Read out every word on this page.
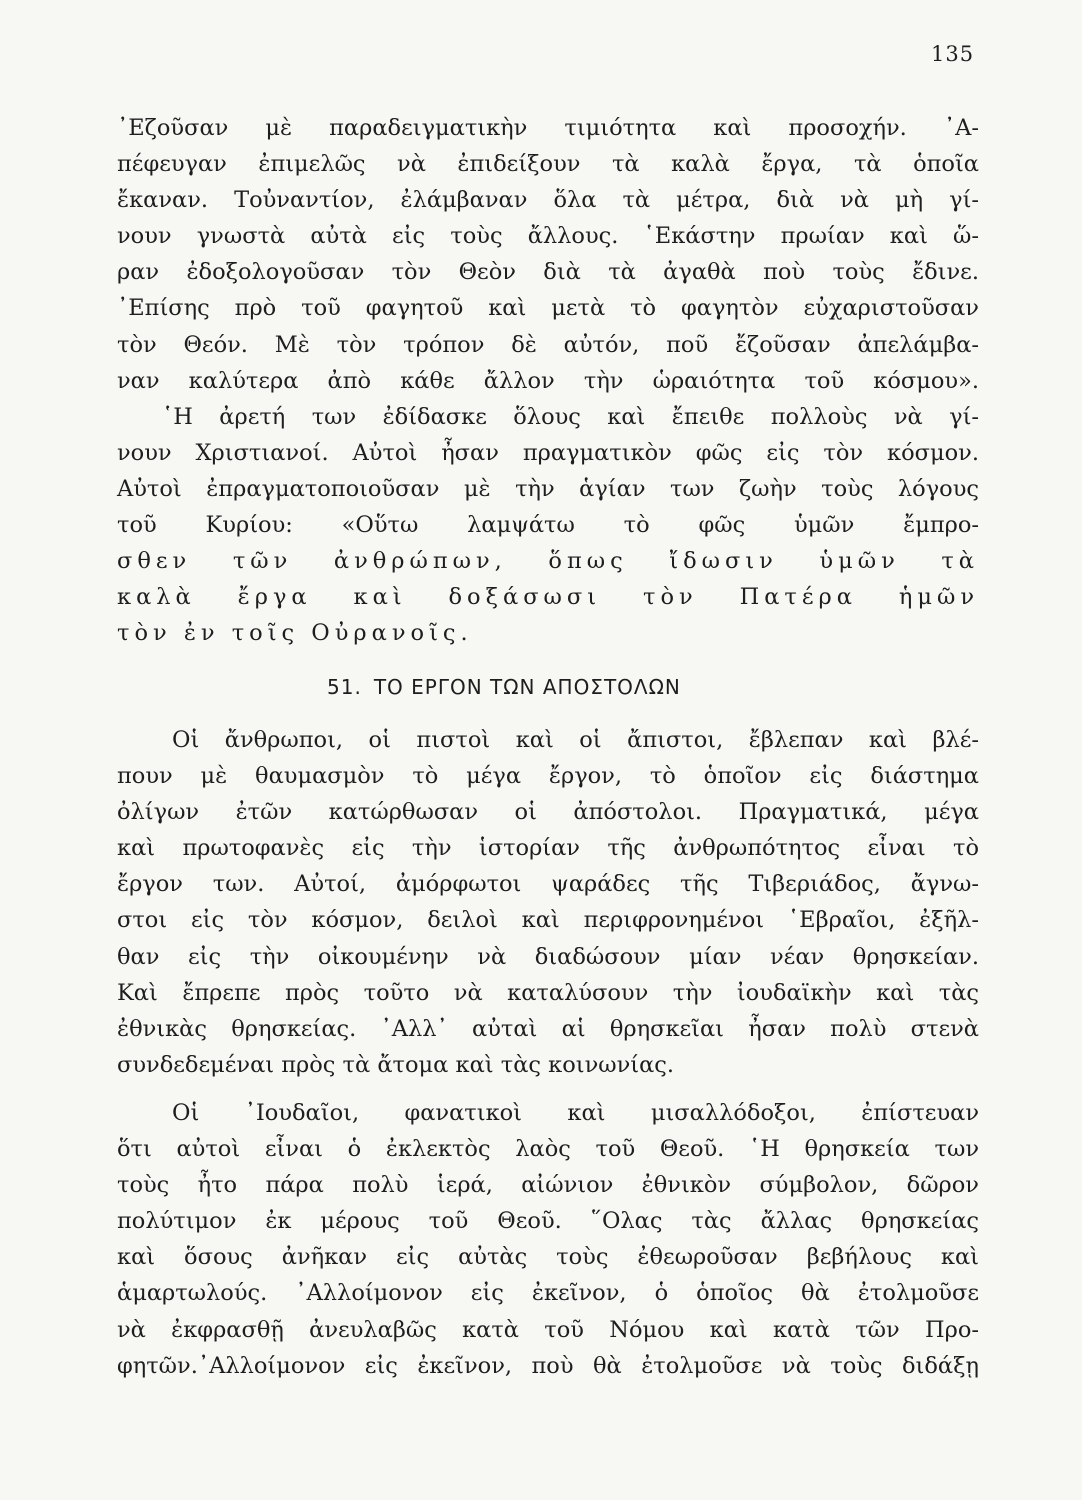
135
᾿Εζοῦσαν μὲ παραδειγματικὴν τιμιότητα καὶ προσοχήν. ᾿Α-
πέφευγαν ἐπιμελῶς νὰ ἐπιδείξουν τὰ καλὰ ἔργα, τὰ ὁποῖα
ἔκαναν. Τοὐναντίον, ἐλάμβαναν ὅλα τὰ μέτρα, διὰ νὰ μὴ γί-
νουν γνωστὰ αὐτὰ εἰς τοὺς ἄλλους. ῾Εκάστην πρωίαν καὶ ὥ-
ραν ἐδοξολογοῦσαν τὸν Θεὸν διὰ τὰ ἀγαθὰ ποὺ τοὺς ἔδινε.
᾿Επίσης πρὸ τοῦ φαγητοῦ καὶ μετὰ τὸ φαγητὸν εὐχαριστοῦσαν
τὸν Θεόν. Μὲ τὸν τρόπον δὲ αὐτόν, ποῦ ἔζοῦσαν ἀπελάμβα-
ναν καλύτερα ἀπὸ κάθε ἄλλον τὴν ὡραιότητα τοῦ κόσμου».
῾Η ἀρετή των ἐδίδασκε ὅλους καὶ ἔπειθε πολλοὺς νὰ γί-
νουν Χριστιανοί. Αὐτοὶ ἦσαν πραγματικὸν φῶς εἰς τὸν κόσμον.
Αὐτοὶ ἐπραγματοποιοῦσαν μὲ τὴν ἁγίαν των ζωὴν τοὺς λόγους
τοῦ Κυρίου: «Οὕτω λαμψάτω τὸ φῶς ὑμῶν ἔμπρο-
σθεν τῶν ἀνθρώπων, ὅπως ἴδωσιν ὑμῶν τὰ
καλὰ ἔργα καὶ δοξάσωσι τὸν Πατέρα ἡμῶν
τὸν ἐν τοῖς Οὐρανοῖς.
51. ΤΟ ΕΡΓΟΝ ΤΩΝ ΑΠΟΣΤΟΛΩΝ
Οἱ ἄνθρωποι, οἱ πιστοὶ καὶ οἱ ἄπιστοι, ἔβλεπαν καὶ βλέ-
πουν μὲ θαυμασμὸν τὸ μέγα ἔργον, τὸ ὁποῖον εἰς διάστημα
ὀλίγων ἐτῶν κατώρθωσαν οἱ ἀπόστολοι. Πραγματικά, μέγα
καὶ πρωτοφανὲς εἰς τὴν ἱστορίαν τῆς ἀνθρωπότητος εἶναι τὸ
ἔργον των. Αὐτοί, ἀμόρφωτοι ψαράδες τῆς Τιβεριάδος, ἄγνω-
στοι εἰς τὸν κόσμον, δειλοὶ καὶ περιφρονημένοι ῾Εβραῖοι, ἐξῆλ-
θαν εἰς τὴν οἰκουμένην νὰ διαδώσουν μίαν νέαν θρησκείαν.
Καὶ ἔπρεπε πρὸς τοῦτο νὰ καταλύσουν τὴν ἰουδαϊκὴν καὶ τὰς
ἐθνικὰς θρησκείας. ᾿Αλλ᾿ αὐταὶ αἱ θρησκεῖαι ἦσαν πολὺ στενὰ
συνδεδεμέναι πρὸς τὰ ἄτομα καὶ τὰς κοινωνίας.
Οἱ ᾿Ιουδαῖοι, φανατικοὶ καὶ μισαλλόδοξοι, ἐπίστευαν
ὅτι αὐτοὶ εἶναι ὁ ἐκλεκτὸς λαὸς τοῦ Θεοῦ. ῾Η θρησκεία των
τοὺς ἦτο πάρα πολὺ ἱερά, αἰώνιον ἐθνικὸν σύμβολον, δῶρον
πολύτιμον ἐκ μέρους τοῦ Θεοῦ. ῞Ολας τὰς ἄλλας θρησκείας
καὶ ὅσους ἀνῆκαν εἰς αὐτὰς τοὺς ἐθεωροῦσαν βεβήλους καὶ
ἁμαρτωλούς. ᾿Αλλοίμονον εἰς ἐκεῖνον, ὁ ὁποῖος θὰ ἐτολμοῦσε
νὰ ἐκφρασθῇ ἀνευλαβῶς κατὰ τοῦ Νόμου καὶ κατὰ τῶν Προ-
φητῶν.᾿Αλλοίμονον εἰς ἐκεῖνον, ποὺ θὰ ἐτολμοῦσε νὰ τοὺς διδάξῃ
